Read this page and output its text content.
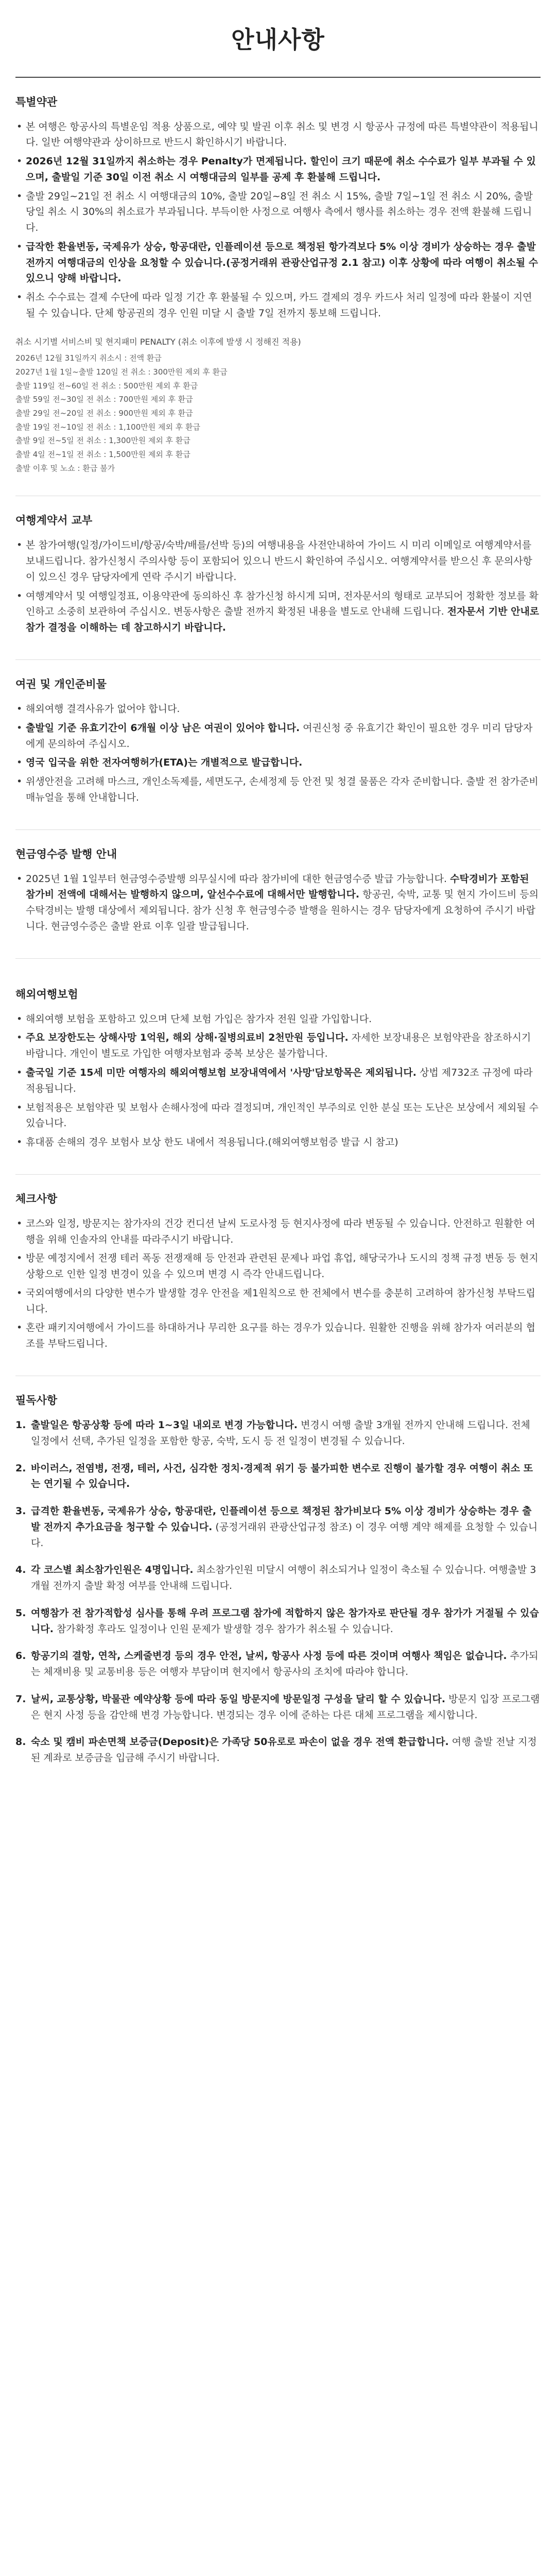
안내사항
특별약관
• 본 여행은 항공사의 특별운임 적용 상품으로, 예약 및 발권 이후 취소 및 변경 시 항공사 규정에 따른 특별약관이 적용됩니다. 일반 여행약관과 상이하므로 반드시 확인하시기 바랍니다.
• 2026년 12월 31일까지 취소하는 경우 Penalty가 면제됩니다. 할인이 크기 때문에 취소 수수료가 일부 부과될 수 있으며, 출발일 기준 30일 이전 취소 시 여행대금의 일부를 공제 후 환불해 드립니다.
• 출발 29일~21일 전 취소 시 여행대금의 10%, 출발 20일~8일 전 취소 시 15%, 출발 7일~1일 전 취소 시 20%, 출발 당일 취소 시 30%의 취소료가 부과됩니다. 부득이한 사정으로 여행사 측에서 행사를 취소하는 경우 전액 환불해 드립니다.
• 급작한 환율변동, 국제유가 상승, 항공대란, 인플레이션 등으로 책정된 항가격보다 5% 이상 경비가 상승하는 경우 출발 전까지 여행대금의 인상을 요청할 수 있습니다.(공정거래위 관광산업규정 2.1 참고) 이후 상황에 따라 여행이 취소될 수 있으니 양해 바랍니다.
• 취소 수수료는 결제 수단에 따라 일정 기간 후 환불될 수 있으며, 카드 결제의 경우 카드사 처리 일정에 따라 환불이 지연될 수 있습니다. 단체 항공권의 경우 인원 미달 시 출발 7일 전까지 통보해 드립니다.
취소 시기별 서비스비 및 현지패미 PENALTY (취소 이후에 발생 시 정해진 적용)
2026년 12월 31일까지 취소시 : 전액 환급
2027년 1월 1일~출발 120일 전 취소 : 300만원 제외 후 환급
출발 119일 전~60일 전 취소 : 500만원 제외 후 환급
출발 59일 전~30일 전 취소 : 700만원 제외 후 환급
출발 29일 전~20일 전 취소 : 900만원 제외 후 환급
출발 19일 전~10일 전 취소 : 1,100만원 제외 후 환급
출발 9일 전~5일 전 취소 : 1,300만원 제외 후 환급
출발 4일 전~1일 전 취소 : 1,500만원 제외 후 환급
출발 이후 및 노쇼 : 환급 불가
여행계약서 교부
• 본 참가여행(일정/가이드비/항공/숙박/배를/선박 등)의 여행내용을 사전안내하여 가이드 시 미리 이메일로 여행계약서를 보내드립니다. 참가신청시 주의사항 등이 포함되어 있으니 반드시 확인하여 주십시오. 여행계약서를 받으신 후 문의사항이 있으신 경우 담당자에게 연락 주시기 바랍니다.
• 여행계약서 및 여행일정표, 이용약관에 동의하신 후 참가신청 하시게 되며, 전자문서의 형태로 교부되어 정확한 정보를 확인하고 소중히 보관하여 주십시오. 변동사항은 출발 전까지 확정된 내용을 별도로 안내해 드립니다. 전자문서 기반 안내로 참가 결정을 이해하는 데 참고하시기 바랍니다.
여권 및 개인준비물
• 해외여행 결격사유가 없어야 합니다.
• 출발일 기준 유효기간이 6개월 이상 남은 여권이 있어야 합니다. 여권신청 중 유효기간 확인이 필요한 경우 미리 담당자에게 문의하여 주십시오.
• 영국 입국을 위한 전자여행허가(ETA)는 개별적으로 발급합니다.
• 위생안전을 고려해 마스크, 개인소독제를, 세면도구, 손세정제 등 안전 및 청결 물품은 각자 준비합니다. 출발 전 참가준비 매뉴얼을 통해 안내합니다.
현금영수증 발행 안내
• 2025년 1월 1일부터 현금영수증발행 의무실시에 따라 참가비에 대한 현금영수증 발급 가능합니다. 수탁경비가 포함된 참가비 전액에 대해서는 발행하지 않으며, 알선수수료에 대해서만 발행합니다. 항공권, 숙박, 교통 및 현지 가이드비 등의 수탁경비는 발행 대상에서 제외됩니다. 참가 신청 후 현금영수증 발행을 원하시는 경우 담당자에게 요청하여 주시기 바랍니다. 현금영수증은 출발 완료 이후 일괄 발급됩니다.
해외여행보험
• 해외여행 보험을 포함하고 있으며 단체 보험 가입은 참가자 전원 일괄 가입합니다.
• 주요 보장한도는 상해사망 1억원, 해외 상해·질병의료비 2천만원 등입니다. 자세한 보장내용은 보험약관을 참조하시기 바랍니다. 개인이 별도로 가입한 여행자보험과 중복 보상은 불가합니다.
• 출국일 기준 15세 미만 여행자의 해외여행보험 보장내역에서 '사망'담보항목은 제외됩니다. 상법 제732조 규정에 따라 적용됩니다.
• 보험적용은 보험약관 및 보험사 손해사정에 따라 결정되며, 개인적인 부주의로 인한 분실 또는 도난은 보상에서 제외될 수 있습니다.
• 휴대품 손해의 경우 보험사 보상 한도 내에서 적용됩니다.(해외여행보험증 발급 시 참고)
체크사항
• 코스와 일정, 방문지는 참가자의 건강 컨디션 날씨 도로사정 등 현지사정에 따라 변동될 수 있습니다. 안전하고 원활한 여행을 위해 인솔자의 안내를 따라주시기 바랍니다.
• 방문 예정지에서 전쟁 테러 폭동 전쟁재해 등 안전과 관련된 문제나 파업 휴업, 해당국가나 도시의 정책 규정 변동 등 현지상황으로 인한 일정 변경이 있을 수 있으며 변경 시 즉각 안내드립니다.
• 국외여행에서의 다양한 변수가 발생할 경우 안전을 제1원칙으로 한 전체에서 변수를 충분히 고려하여 참가신청 부탁드립니다.
• 혼란 패키지여행에서 가이드를 하대하거나 무리한 요구를 하는 경우가 있습니다. 원활한 진행을 위해 참가자 여러분의 협조를 부탁드립니다.
필독사항
1. 출발일은 항공상황 등에 따라 1~3일 내외로 변경 가능합니다. 변경시 여행 출발 3개월 전까지 안내해 드립니다. 전체 일정에서 선택, 추가된 일정을 포함한 항공, 숙박, 도시 등 전 일정이 변경될 수 있습니다.
2. 바이러스, 전염병, 전쟁, 테러, 사건, 심각한 정치·경제적 위기 등 불가피한 변수로 진행이 불가할 경우 여행이 취소 또는 연기될 수 있습니다.
3. 급격한 환율변동, 국제유가 상승, 항공대란, 인플레이션 등으로 책정된 참가비보다 5% 이상 경비가 상승하는 경우 출발 전까지 추가요금을 청구할 수 있습니다. (공정거래위 관광산업규정 참조) 이 경우 여행 계약 해제를 요청할 수 있습니다.
4. 각 코스별 최소참가인원은 4명입니다. 최소참가인원 미달시 여행이 취소되거나 일정이 축소될 수 있습니다. 여행출발 3개월 전까지 출발 확정 여부를 안내해 드립니다.
5. 여행참가 전 참가적합성 심사를 통해 우려 프로그램 참가에 적합하지 않은 참가자로 판단될 경우 참가가 거절될 수 있습니다. 참가확정 후라도 일정이나 인원 문제가 발생할 경우 참가가 취소될 수 있습니다.
6. 항공기의 결항, 연착, 스케줄변경 등의 경우 안전, 날씨, 항공사 사정 등에 따른 것이며 여행사 책임은 없습니다. 추가되는 체재비용 및 교통비용 등은 여행자 부담이며 현지에서 항공사의 조치에 따라야 합니다.
7. 날씨, 교통상황, 박물관 예약상황 등에 따라 동일 방문지에 방문일정 구성을 달리 할 수 있습니다. 방문지 입장 프로그램은 현지 사정 등을 감안해 변경 가능합니다. 변경되는 경우 이에 준하는 다른 대체 프로그램을 제시합니다.
8. 숙소 및 캠비 파손면책 보증금(Deposit)은 가족당 50유로로 파손이 없을 경우 전액 환급합니다. 여행 출발 전날 지정된 계좌로 보증금을 입금해 주시기 바랍니다.
